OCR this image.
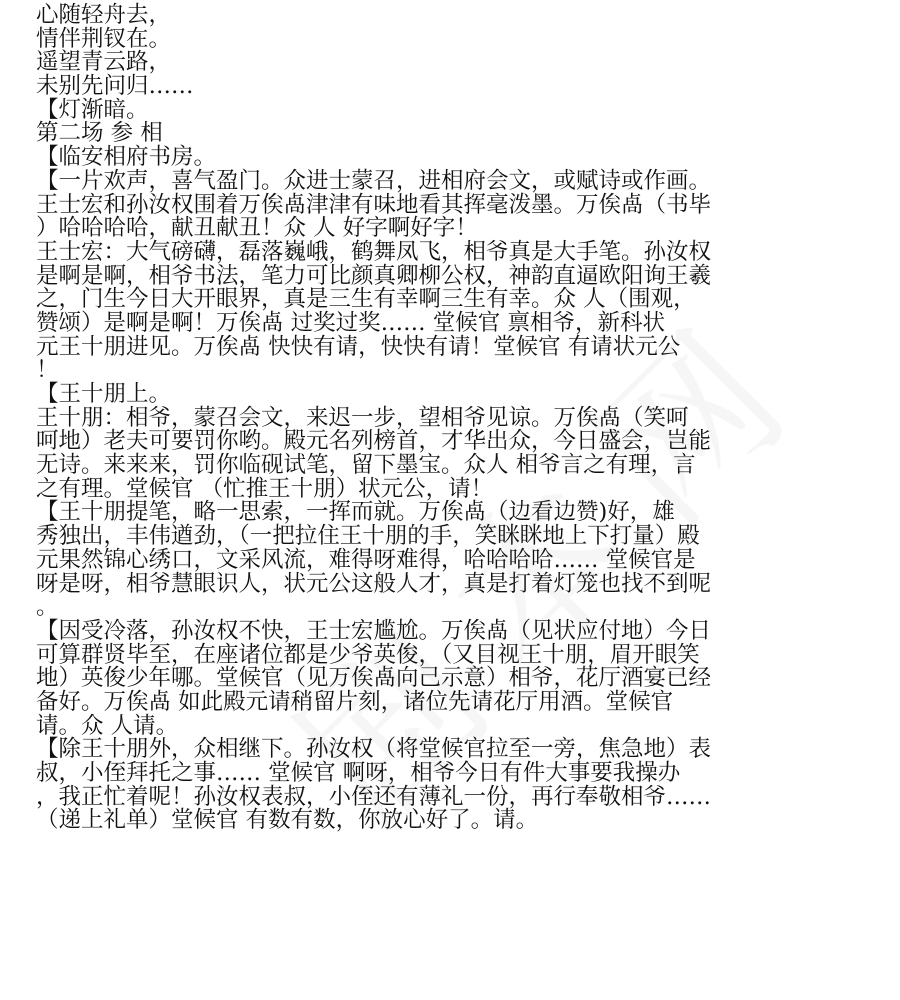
心随轻舟去，
情伴荆钗在。
遥望青云路，
未别先问归……
【灯渐暗。
第二场 参 相
【临安相府书房。
【一片欢声，喜气盈门。众进士蒙召，进相府会文，或赋诗或作画。
王士宏和孙汝权围着万俟卨津津有味地看其挥毫泼墨。万俟卨（书毕
）哈哈哈哈，献丑献丑！众 人 好字啊好字！
王士宏：大气磅礴，磊落巍峨，鹤舞凤飞，相爷真是大手笔。孙汝权
是啊是啊，相爷书法，笔力可比颜真卿柳公权，神韵直逼欧阳询王羲
之，门生今日大开眼界，真是三生有幸啊三生有幸。众 人（围观，
赞颂）是啊是啊！万俟卨 过奖过奖…… 堂候官 禀相爷，新科状
元王十朋进见。万俟卨 快快有请，快快有请！堂候官 有请状元公
！
【王十朋上。
王十朋：相爷，蒙召会文，来迟一步，望相爷见谅。万俟卨（笑呵
呵地）老夫可要罚你哟。殿元名列榜首，才华出众，今日盛会，岂能
无诗。来来来，罚你临砚试笔，留下墨宝。众人 相爷言之有理，言
之有理。堂候官 （忙推王十朋）状元公，请！
【王十朋提笔，略一思索，一挥而就。万俟卨（边看边赞)好，雄
秀独出，丰伟遒劲，（一把拉住王十朋的手，笑眯眯地上下打量）殿
元果然锦心绣口，文采风流，难得呀难得，哈哈哈哈…… 堂候官是
呀是呀，相爷慧眼识人，状元公这般人才，真是打着灯笼也找不到呢
。
【因受冷落，孙汝权不快，王士宏尴尬。万俟卨（见状应付地）今日
可算群贤毕至，在座诸位都是少爷英俊，（又目视王十朋，眉开眼笑
地）英俊少年哪。堂候官（见万俟卨向己示意）相爷，花厅酒宴已经
备好。万俟卨 如此殿元请稍留片刻，诸位先请花厅用酒。堂候官
请。众 人请。
【除王十朋外，众相继下。孙汝权（将堂候官拉至一旁，焦急地）表
叔，小侄拜托之事…… 堂候官 啊呀，相爷今日有件大事要我操办
，我正忙着呢！孙汝权表叔，小侄还有薄礼一份，再行奉敬相爷……
（递上礼单）堂候官 有数有数，你放心好了。请。
